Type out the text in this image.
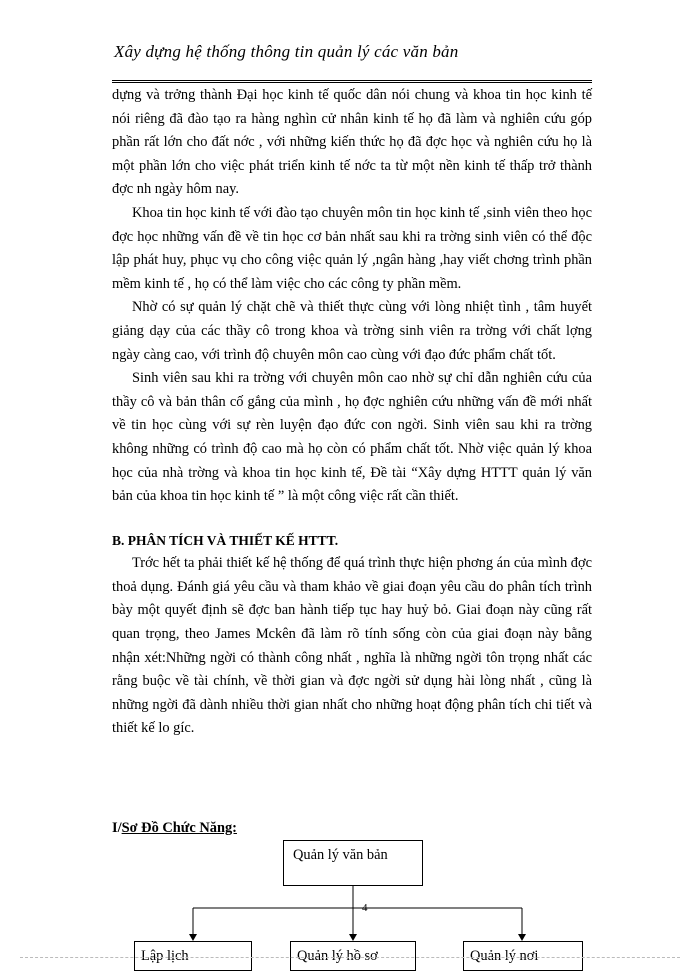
Xây dựng hệ thống thông tin quản lý các văn bản

dựng và trởng thành Đại học kinh tế quốc dân nói chung và khoa tin học kinh tế nói riêng đã đào tạo ra hàng nghìn cử nhân kinh tế họ đã làm và nghiên cứu góp phần rất lớn cho đất nớc , với những kiến thức họ đã đợc học và nghiên cứu họ là một phần lớn cho việc phát triển kinh tế nớc ta từ một nền kinh tế thấp trở thành đợc nh ngày hôm nay.

Khoa tin học kinh tế với đào tạo chuyên môn tin học kinh tế ,sinh viên theo học đợc học những vấn đề về tin học cơ bản nhất sau khi ra trờng sinh viên có thể độc lập phát huy, phục vụ cho công việc quản lý ,ngân hàng ,hay viết chơng trình phần mềm kinh tế , họ có thể làm việc cho các công ty phần mềm.

Nhờ có sự quản lý chặt chẽ và thiết thực cùng với lòng nhiệt tình , tâm huyết giảng dạy của các thầy cô trong khoa và trờng sinh viên ra trờng với chất lợng ngày càng cao, với trình độ chuyên môn cao cùng với đạo đức phẩm chất tốt.

Sinh viên sau khi ra trờng với chuyên môn cao nhờ sự chỉ dẫn nghiên cứu của thầy cô và bản thân cố gắng của mình , họ đợc nghiên cứu những vấn đề mới nhất về tin học cùng với sự rèn luyện đạo đức con ngời. Sinh viên sau khi ra trờng không những có trình độ cao mà họ còn có phẩm chất tốt. Nhờ việc quản lý khoa học của nhà trờng và khoa tin học kinh tế, Đề tài “Xây dựng HTTT quản lý văn bản của khoa tin học kinh tế ” là một công việc rất cần thiết.

B. PHÂN TÍCH VÀ THIẾT KẾ HTTT.

Trớc hết ta phải thiết kế hệ thống để quá trình thực hiện phơng án của mình đợc thoả dụng. Đánh giá yêu cầu và tham khảo về giai đoạn yêu cầu do phân tích trình bày một quyết định sẽ đợc ban hành tiếp tục hay huỷ bỏ. Giai đoạn này cũng rất quan trọng, theo James Mckên đã làm rõ tính sống còn của giai đoạn này bằng nhận xét:Những ngời có thành công nhất , nghĩa là những ngời tôn trọng nhất các rằng buộc về tài chính, về thời gian và đợc ngời sử dụng hài lòng nhất , cũng là những ngời đã dành nhiều thời gian nhất cho những hoạt động phân tích chi tiết và thiết kế lo gíc.

I/Sơ Đồ Chức Năng:
Quản lý văn bản
Lập lịch	Quản lý hồ sơ	Quản lý nơi
4
